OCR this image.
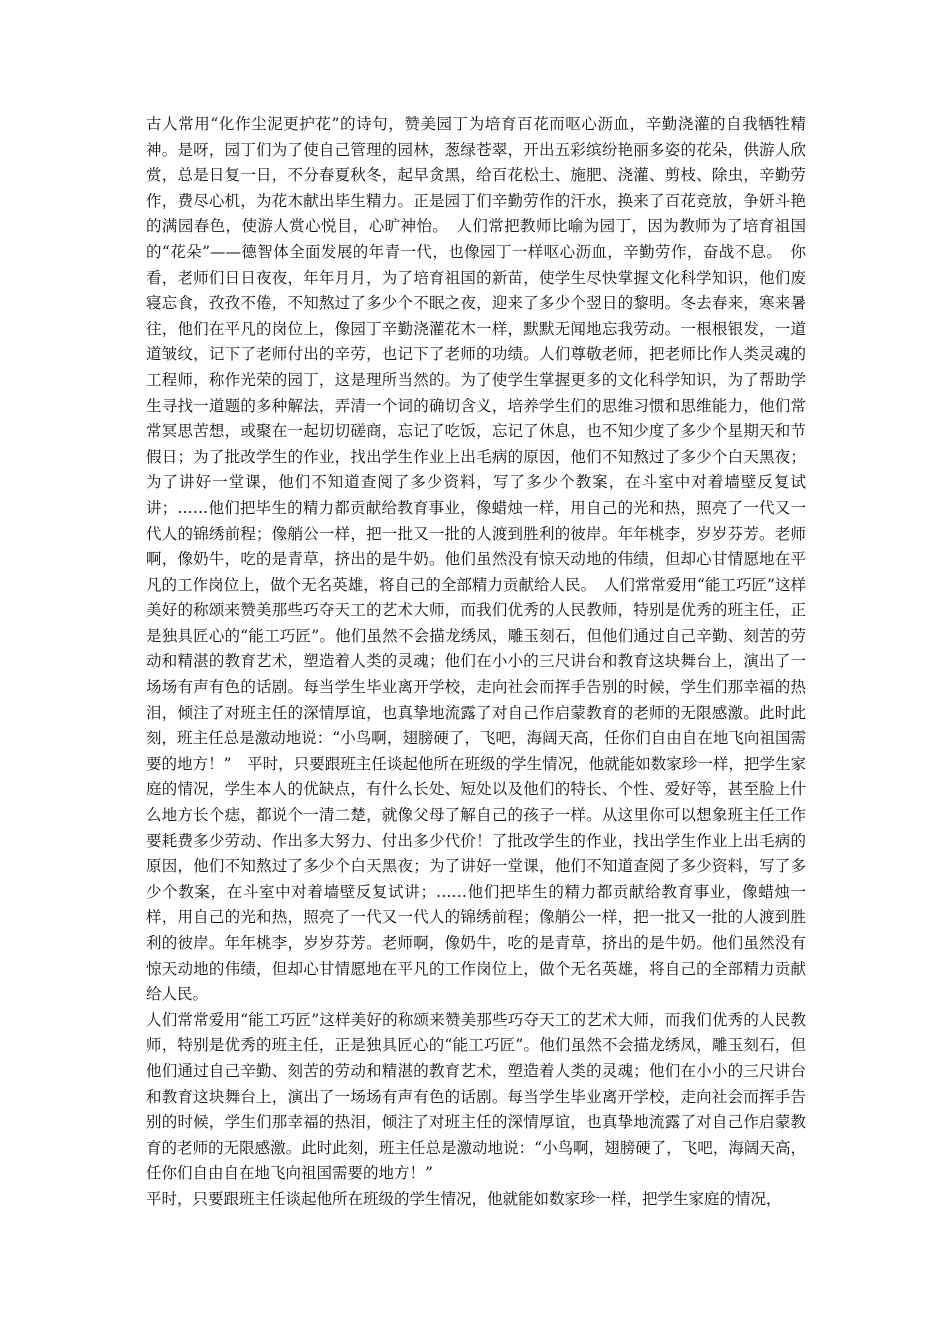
古人常用“化作尘泥更护花”的诗句，赞美园丁为培育百花而呕心沥血，辛勤浇灌的自我牺牲精神。是呀，园丁们为了使自己管理的园林，葱绿苍翠，开出五彩缤纷艳丽多姿的花朵，供游人欣赏，总是日复一日，不分春夏秋冬，起早贪黑，给百花松土、施肥、浇灌、剪枝、除虫，辛勤劳作，费尽心机，为花木献出毕生精力。正是园丁们辛勤劳作的汗水，换来了百花竞放，争妍斗艳的满园春色，使游人赏心悦目，心旷神怡。　人们常把教师比喻为园丁，因为教师为了培育祖国的“花朵”——德智体全面发展的年青一代，也像园丁一样呕心沥血，辛勤劳作，奋战不息。　你看，老师们日日夜夜，年年月月，为了培育祖国的新苗，使学生尽快掌握文化科学知识，他们废寝忘食，孜孜不倦，不知熬过了多少个不眠之夜，迎来了多少个翌日的黎明。冬去春来，寒来暑往，他们在平凡的岗位上，像园丁辛勤浇灌花木一样，默默无闻地忘我劳动。一根根银发，一道道皱纹，记下了老师付出的辛劳，也记下了老师的功绩。人们尊敬老师，把老师比作人类灵魂的工程师，称作光荣的园丁，这是理所当然的。为了使学生掌握更多的文化科学知识，为了帮助学生寻找一道题的多种解法，弄清一个词的确切含义，培养学生们的思维习惯和思维能力，他们常常冥思苦想，或聚在一起切切磋商，忘记了吃饭，忘记了休息，也不知少度了多少个星期天和节假日；为了批改学生的作业，找出学生作业上出毛病的原因，他们不知熬过了多少个白天黑夜；为了讲好一堂课，他们不知道查阅了多少资料，写了多少个教案，在斗室中对着墙壁反复试讲；……他们把毕生的精力都贡献给教育事业，像蜡烛一样，用自己的光和热，照亮了一代又一代人的锦绣前程；像艄公一样，把一批又一批的人渡到胜利的彼岸。年年桃李，岁岁芬芳。老师啊，像奶牛，吃的是青草，挤出的是牛奶。他们虽然没有惊天动地的伟绩，但却心甘情愿地在平凡的工作岗位上，做个无名英雄，将自己的全部精力贡献给人民。　人们常常爱用“能工巧匠”这样美好的称颂来赞美那些巧夺天工的艺术大师，而我们优秀的人民教师，特别是优秀的班主任，正是独具匠心的“能工巧匠”。他们虽然不会描龙绣凤，雕玉刻石，但他们通过自己辛勤、刻苦的劳动和精湛的教育艺术，塑造着人类的灵魂；他们在小小的三尺讲台和教育这块舞台上，演出了一场场有声有色的话剧。每当学生毕业离开学校，走向社会而挥手告别的时候，学生们那幸福的热泪，倾注了对班主任的深情厚谊，也真挚地流露了对自己作启蒙教育的老师的无限感激。此时此刻，班主任总是激动地说：“小鸟啊，翅膀硬了，飞吧，海阔天高，任你们自由自在地飞向祖国需要的地方！”　平时，只要跟班主任谈起他所在班级的学生情况，他就能如数家珍一样，把学生家庭的情况，学生本人的优缺点，有什么长处、短处以及他们的特长、个性、爱好等，甚至脸上什么地方长个痣，都说个一清二楚，就像父母了解自己的孩子一样。从这里你可以想象班主任工作要耗费多少劳动、作出多大努力、付出多少代价！了批改学生的作业，找出学生作业上出毛病的原因，他们不知熬过了多少个白天黑夜；为了讲好一堂课，他们不知道查阅了多少资料，写了多少个教案，在斗室中对着墙壁反复试讲；……他们把毕生的精力都贡献给教育事业，像蜡烛一样，用自己的光和热，照亮了一代又一代人的锦绣前程；像艄公一样，把一批又一批的人渡到胜利的彼岸。年年桃李，岁岁芬芳。老师啊，像奶牛，吃的是青草，挤出的是牛奶。他们虽然没有惊天动地的伟绩，但却心甘情愿地在平凡的工作岗位上，做个无名英雄，将自己的全部精力贡献给人民。

人们常常爱用“能工巧匠”这样美好的称颂来赞美那些巧夺天工的艺术大师，而我们优秀的人民教师，特别是优秀的班主任，正是独具匠心的“能工巧匠”。他们虽然不会描龙绣凤，雕玉刻石，但他们通过自己辛勤、刻苦的劳动和精湛的教育艺术，塑造着人类的灵魂；他们在小小的三尺讲台和教育这块舞台上，演出了一场场有声有色的话剧。每当学生毕业离开学校，走向社会而挥手告别的时候，学生们那幸福的热泪，倾注了对班主任的深情厚谊，也真挚地流露了对自己作启蒙教育的老师的无限感激。此时此刻，班主任总是激动地说：“小鸟啊，翅膀硬了，飞吧，海阔天高，任你们自由自在地飞向祖国需要的地方！”

平时，只要跟班主任谈起他所在班级的学生情况，他就能如数家珍一样，把学生家庭的情况，
